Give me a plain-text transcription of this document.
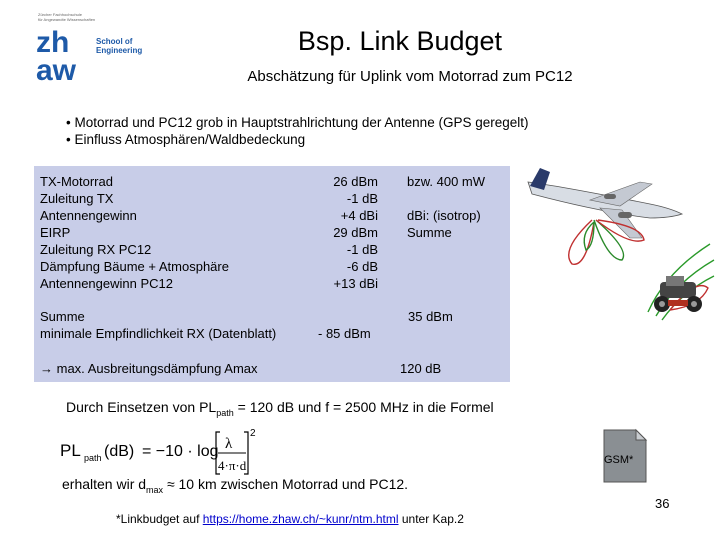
Zürcher Fachhochschule
für Angewandte Wissenschaften
zh
aw
School of
Engineering	Bsp. Link Budget
Abschätzung für Uplink vom Motorrad zum PC12
• Motorrad und PC12 grob in Hauptstrahlrichtung der Antenne (GPS geregelt)
• Einfluss Atmosphären/Waldbedeckung
TX-Motorrad	26 dBm bzw. 400 mW
Zuleitung TX	-1 dB
Antennengewinn	+4 dBi dBi: (isotrop)
EIRP	29 dBm Summe
Zuleitung RX PC12	-1 dB
Dämpfung Bäume + Atmosphäre	-6 dB
Antennengewinn PC12	+13 dBi
Summe	35 dBm
minimale Empfindlichkeit RX (Datenblatt)	- 85 dBm
→ max. Ausbreitungsdämpfung Amax	120 dB
Durch Einsetzen von $PL_{path} = 120$ dB und f = 2500 MHz in die Formel
PL path (dB) = −10 · log λ
4·π·d
2
GSM*
erhalten wir $d_{max} \approx 10$ km zwischen Motorrad und PC12.
*Linkbudget auf https://home.zhaw.ch/~kunr/ntm.html unter Kap.2
36
